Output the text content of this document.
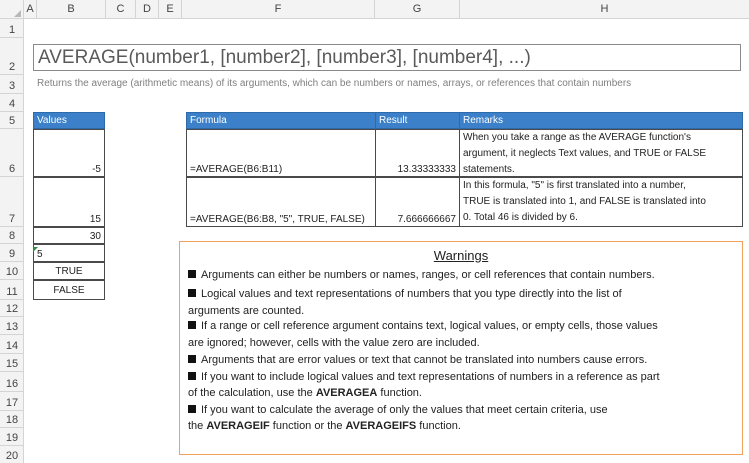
A	B	C	D	E	F	G	H
1
2
3
4
5
6
7
8
9
10
11
12
13
14
15
16
17
18
19
20
AVERAGE(number1, [number2], [number3], [number4], ...)
Returns the average (arithmetic means) of its arguments, which can be numbers or names, arrays, or references that contain numbers
Values
-5
15
30
5
TRUE
FALSE
Formula	Result	Remarks
=AVERAGE(B6:B11)	13.33333333
When you take a range as the AVERAGE function's
argument, it neglects Text values, and TRUE or FALSE
statements.
=AVERAGE(B6:B8, "5", TRUE, FALSE)	7.666666667
In this formula, "5" is first translated into a number,
TRUE is translated into 1, and FALSE is translated into
0. Total 46 is divided by 6.
Warnings
Arguments can either be numbers or names, ranges, or cell references that contain numbers.
Logical values and text representations of numbers that you type directly into the list of
arguments are counted.
If a range or cell reference argument contains text, logical values, or empty cells, those values
are ignored; however, cells with the value zero are included.
Arguments that are error values or text that cannot be translated into numbers cause errors.
If you want to include logical values and text representations of numbers in a reference as part
of the calculation, use the AVERAGEA function.
If you want to calculate the average of only the values that meet certain criteria, use
the AVERAGEIF function or the AVERAGEIFS function.
